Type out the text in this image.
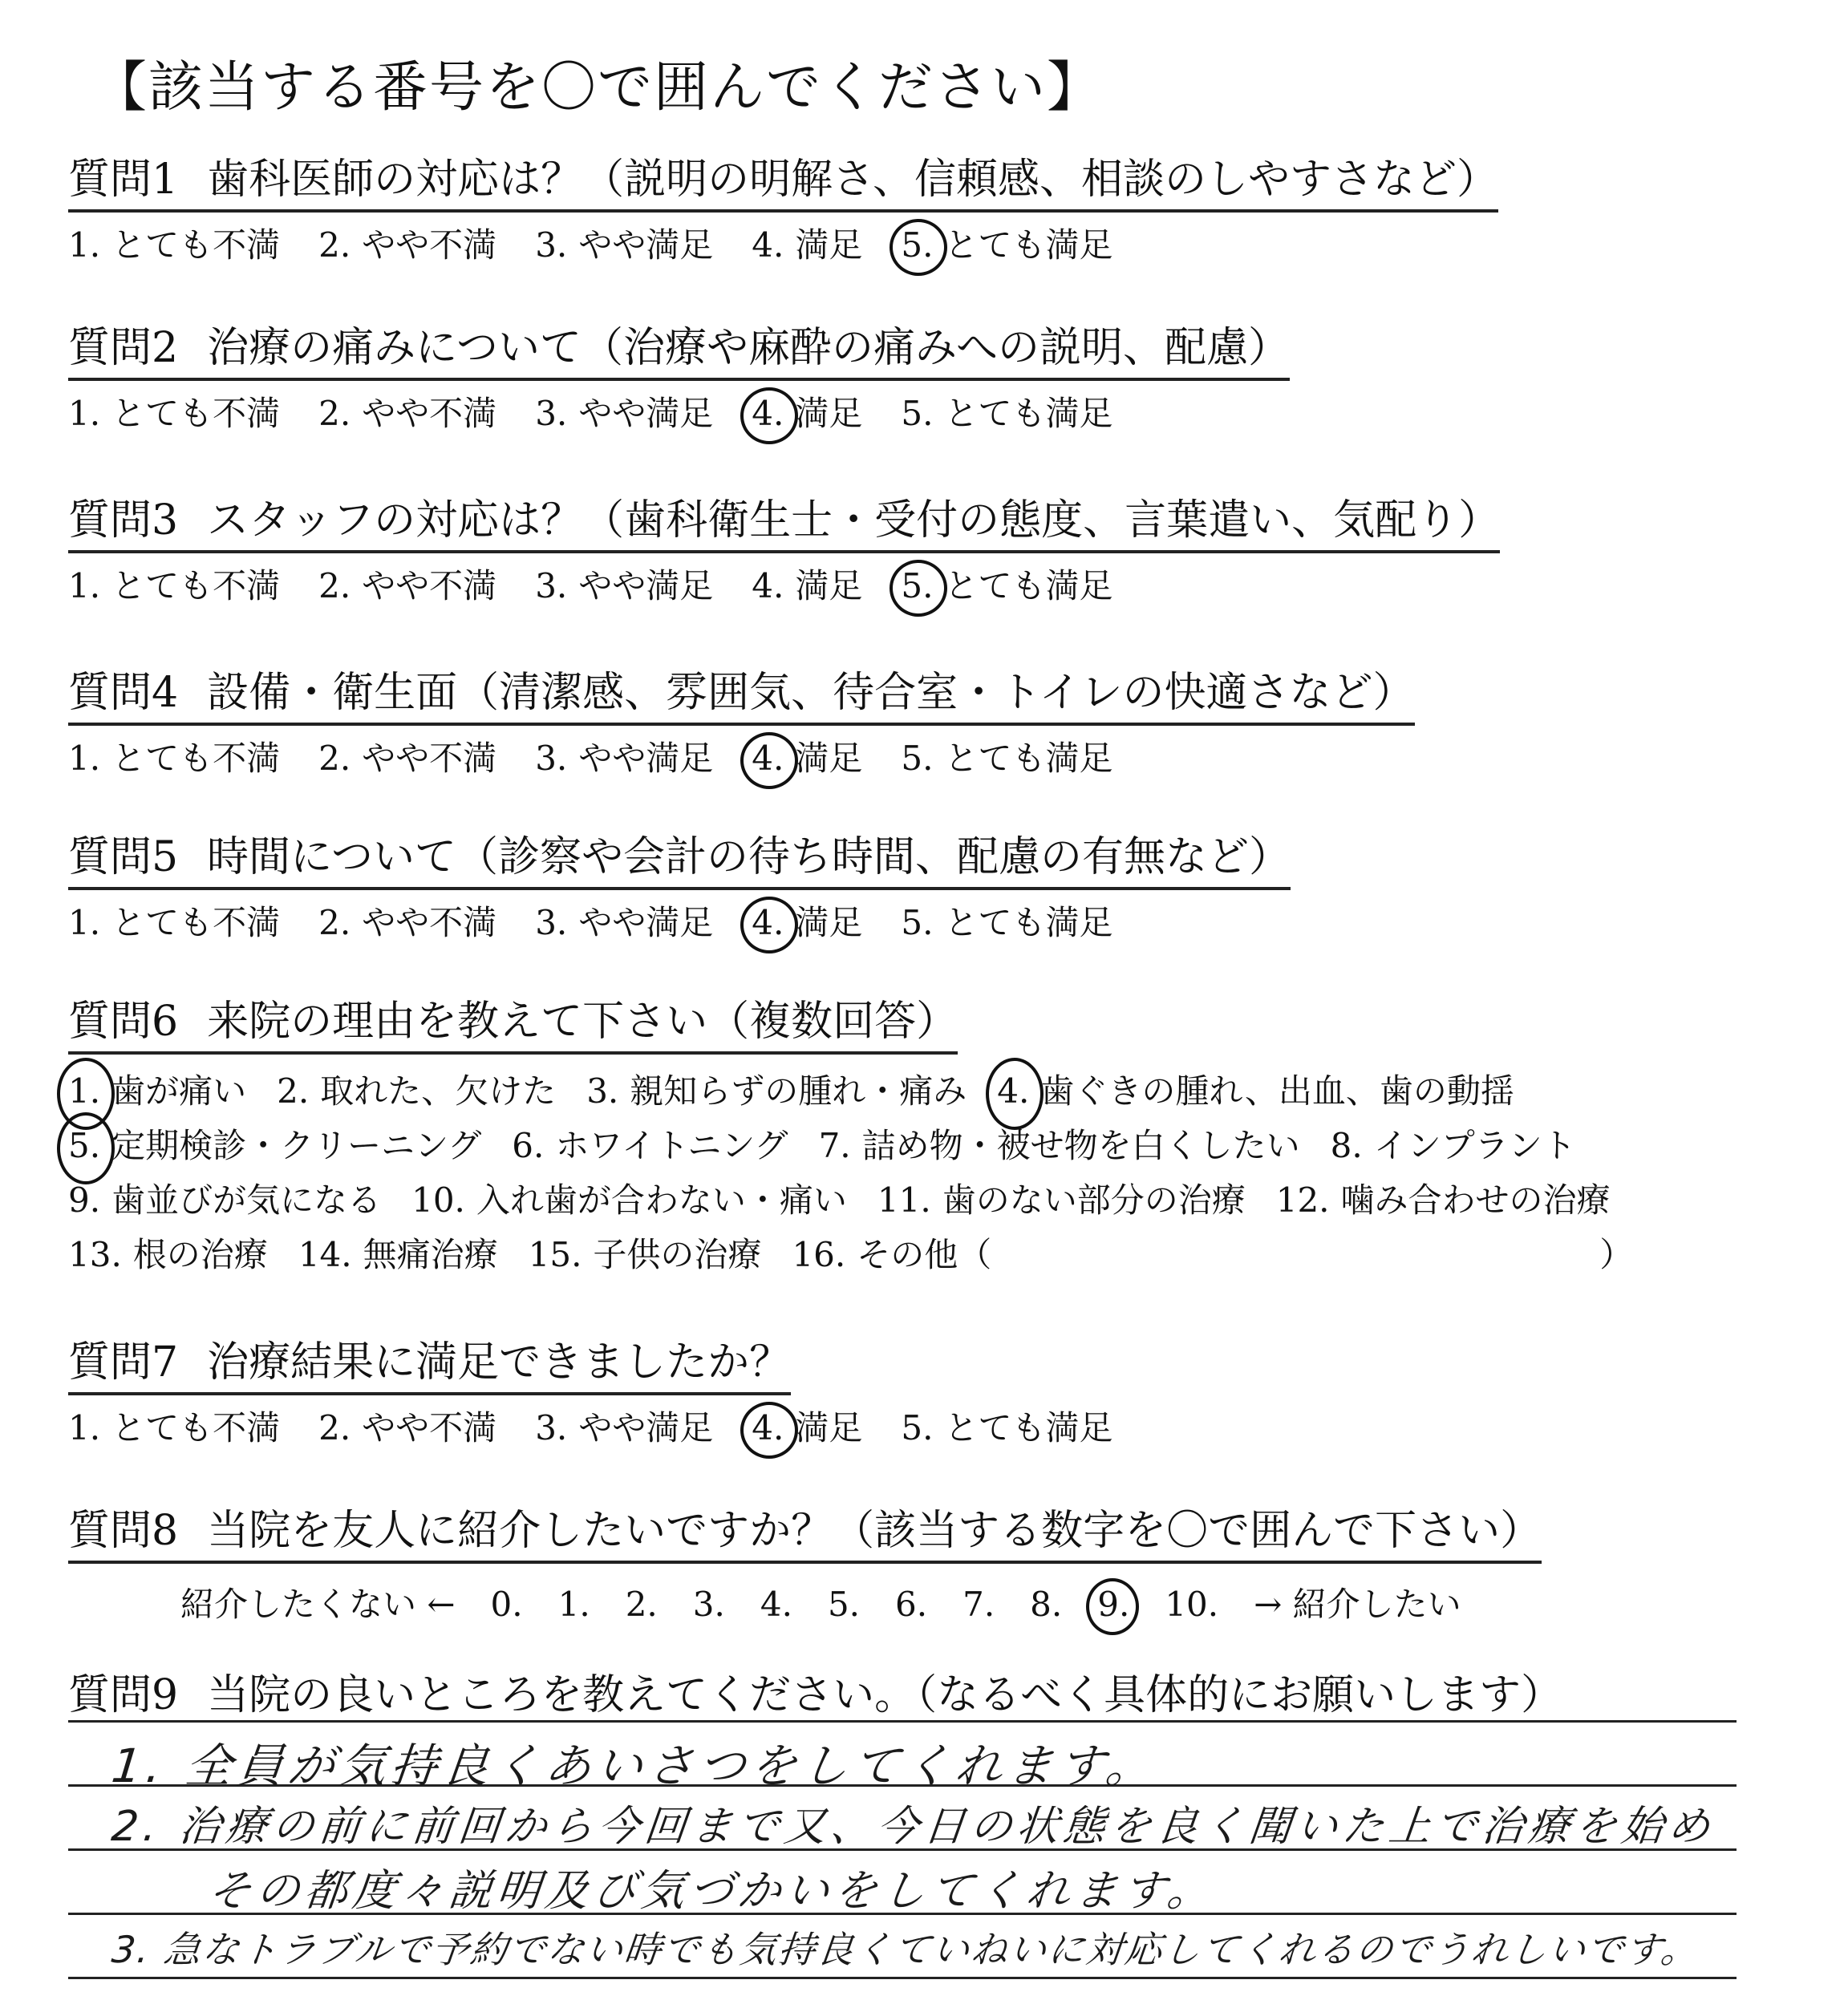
【該当する番号を〇で囲んでください】
質問1 歯科医師の対応は？（説明の明解さ、信頼感、相談のしやすさなど）
1. とても不満 2. やや不満 3. やや満足 4. 満足 5. とても満足
質問2 治療の痛みについて（治療や麻酔の痛みへの説明、配慮）
1. とても不満 2. やや不満 3. やや満足 4. 満足 5. とても満足
質問3 スタッフの対応は？（歯科衛生士・受付の態度、言葉遣い、気配り）
1. とても不満 2. やや不満 3. やや満足 4. 満足 5. とても満足
質問4 設備・衛生面（清潔感、雰囲気、待合室・トイレの快適さなど）
1. とても不満 2. やや不満 3. やや満足 4. 満足 5. とても満足
質問5 時間について（診察や会計の待ち時間、配慮の有無など）
1. とても不満 2. やや不満 3. やや満足 4. 満足 5. とても満足
質問6 来院の理由を教えて下さい（複数回答）
1. 歯が痛い 2. 取れた、欠けた 3. 親知らずの腫れ・痛み 4. 歯ぐきの腫れ、出血、歯の動揺5. 定期検診・クリーニング 6. ホワイトニング 7. 詰め物・被せ物を白くしたい 8. インプラント9. 歯並びが気になる 10. 入れ歯が合わない・痛い 11. 歯のない部分の治療 12. 噛み合わせの治療13. 根の治療 14. 無痛治療 15. 子供の治療 16. その他（	）
質問7 治療結果に満足できましたか？
1. とても不満 2. やや不満 3. やや満足 4. 満足 5. とても満足
質問8 当院を友人に紹介したいですか？（該当する数字を〇で囲んで下さい）
紹介したくない ← 0. 1. 2. 3. 4. 5. 6. 7. 8. 9. 10. → 紹介したい
質問9 当院の良いところを教えてください。（なるべく具体的にお願いします）
1. 全員が気持良くあいさつをしてくれます。
2. 治療の前に前回から今回まで又、今日の状態を良く聞いた上で治療を始め
その都度々説明及び気づかいをしてくれます。
3. 急なトラブルで予約でない時でも気持良くていねいに対応してくれるのでうれしいです。
